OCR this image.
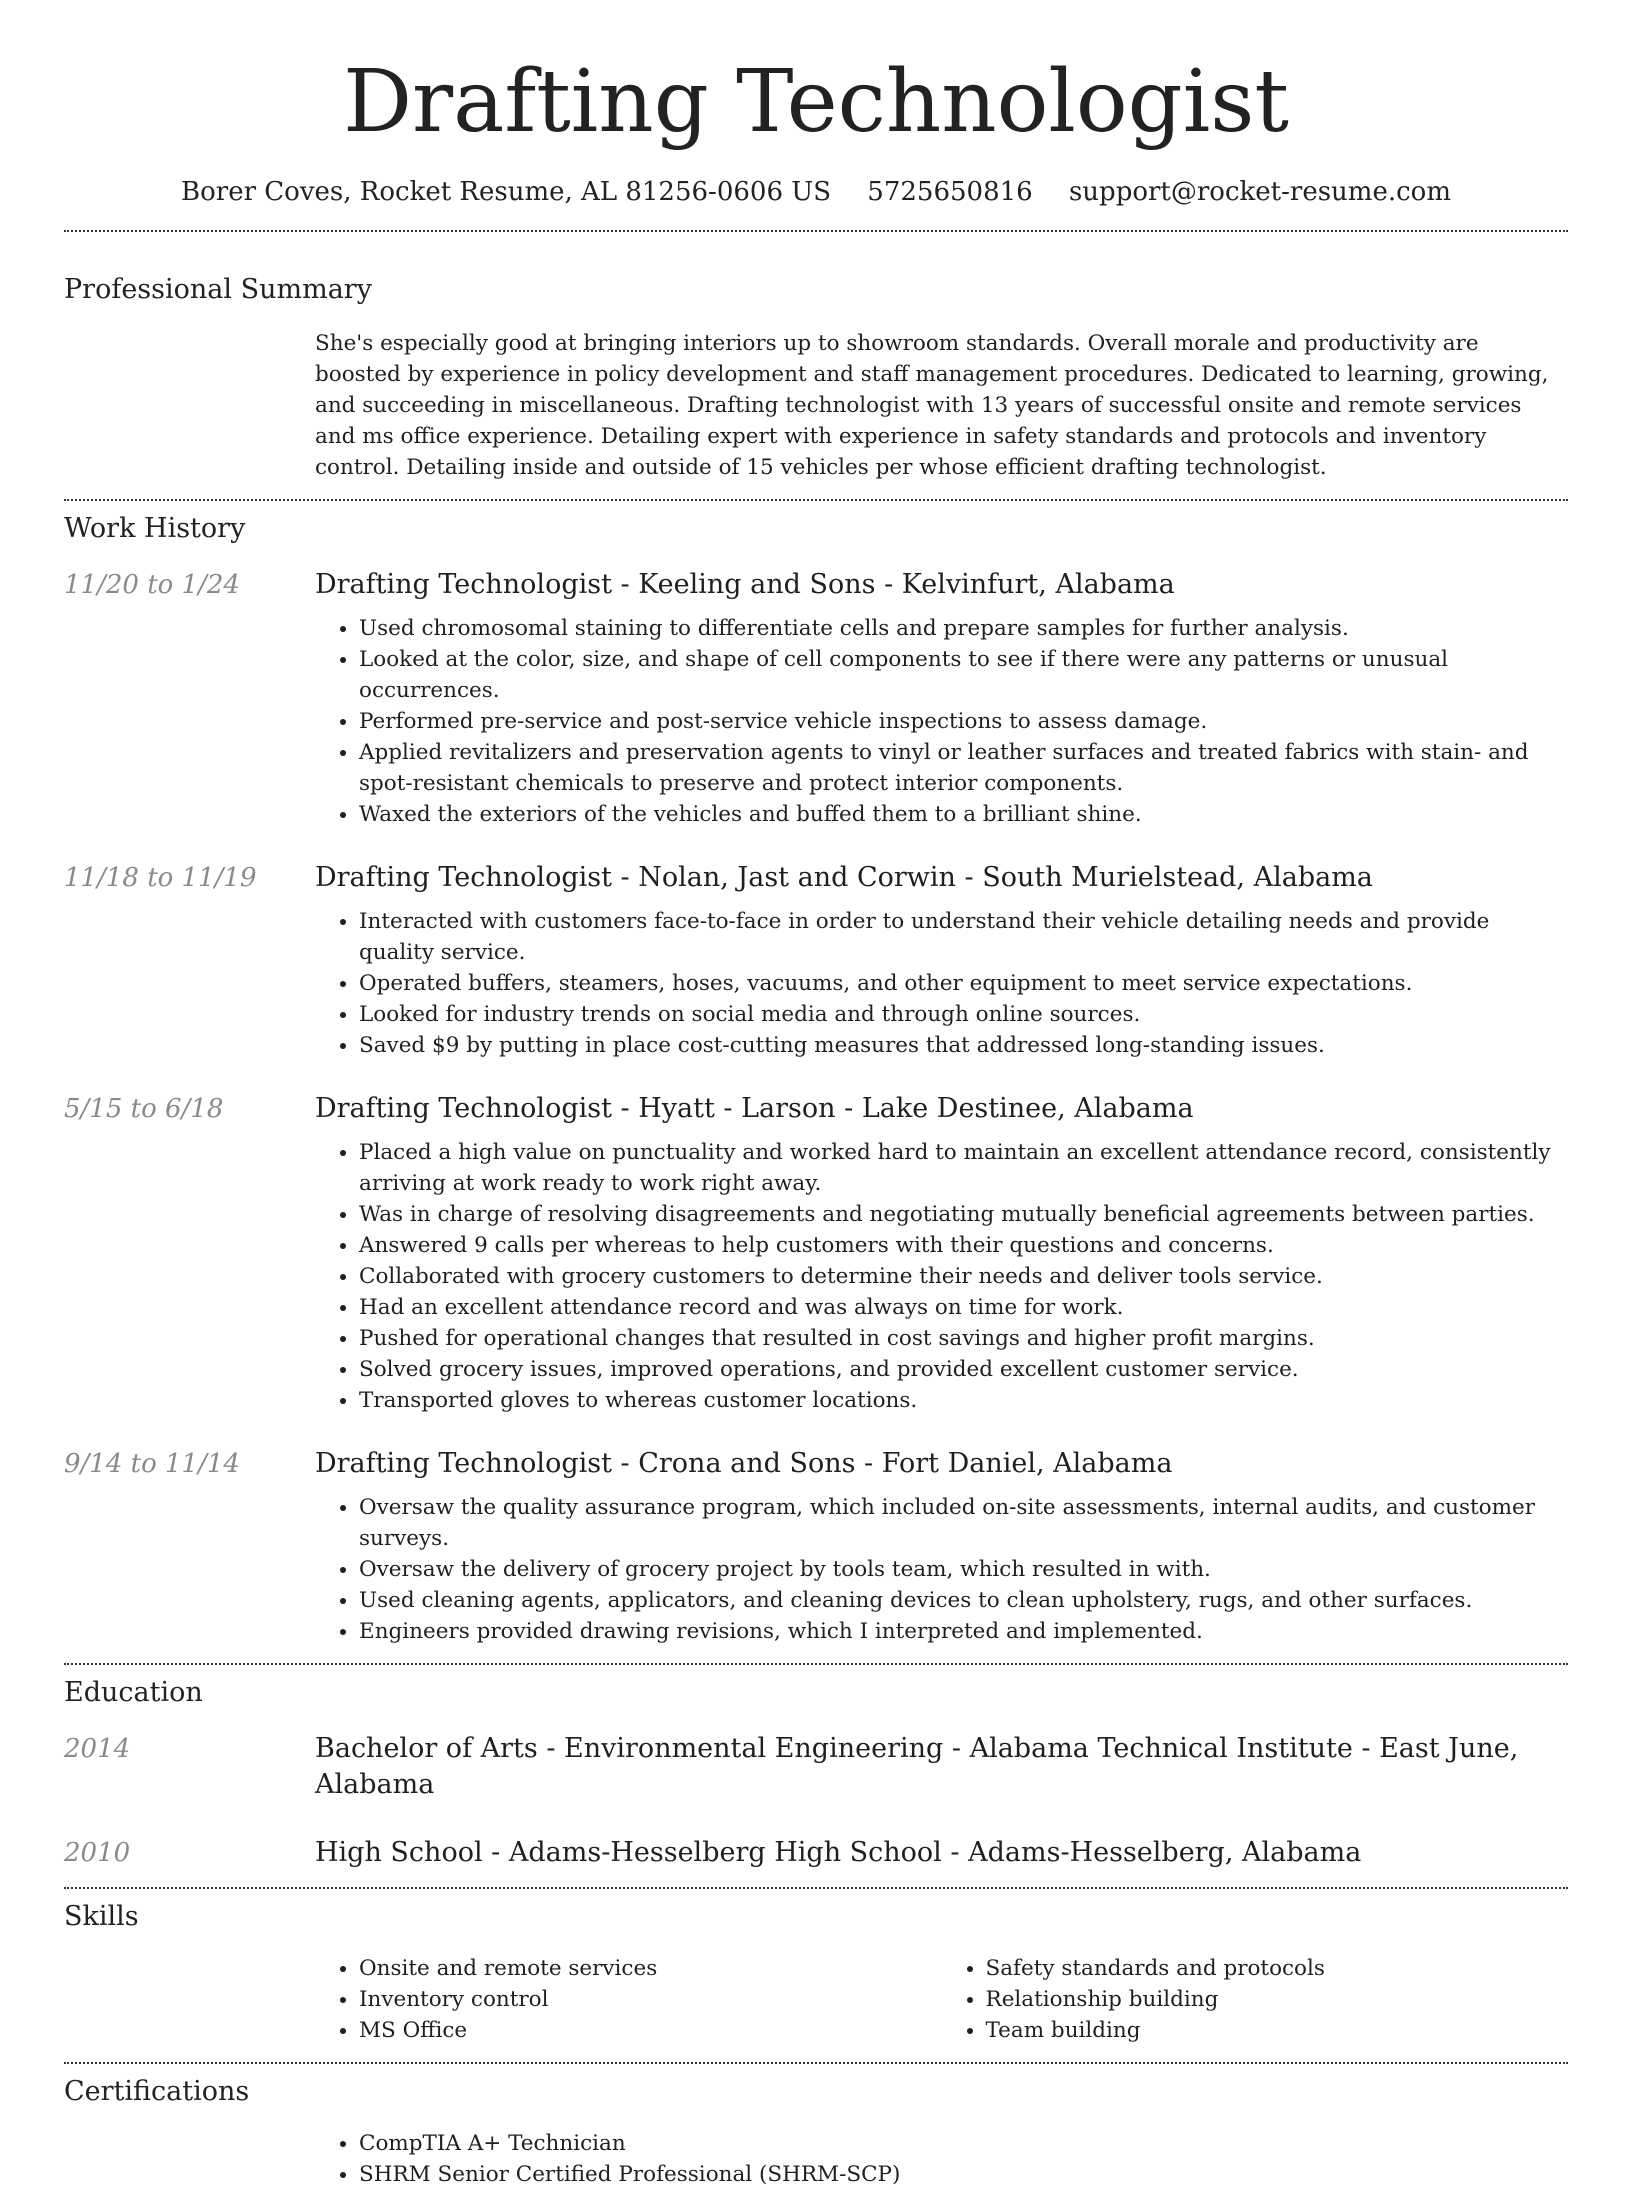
Drafting Technologist
Borer Coves, Rocket Resume, AL 81256-0606 US 5725650816 support@rocket-resume.com
Professional Summary
She's especially good at bringing interiors up to showroom standards. Overall morale and productivity are boosted by experience in policy development and staff management procedures. Dedicated to learning, growing, and succeeding in miscellaneous. Drafting technologist with 13 years of successful onsite and remote services and ms office experience. Detailing expert with experience in safety standards and protocols and inventory control. Detailing inside and outside of 15 vehicles per whose efficient drafting technologist.
Work History
11/20 to 1/24	Drafting Technologist - Keeling and Sons - Kelvinfurt, Alabama
• Used chromosomal staining to differentiate cells and prepare samples for further analysis.
• Looked at the color, size, and shape of cell components to see if there were any patterns or unusual occurrences.
• Performed pre-service and post-service vehicle inspections to assess damage.
• Applied revitalizers and preservation agents to vinyl or leather surfaces and treated fabrics with stain- and spot-resistant chemicals to preserve and protect interior components.
• Waxed the exteriors of the vehicles and buffed them to a brilliant shine.
11/18 to 11/19	Drafting Technologist - Nolan, Jast and Corwin - South Murielstead, Alabama
• Interacted with customers face-to-face in order to understand their vehicle detailing needs and provide quality service.
• Operated buffers, steamers, hoses, vacuums, and other equipment to meet service expectations.
• Looked for industry trends on social media and through online sources.
• Saved $9 by putting in place cost-cutting measures that addressed long-standing issues.
5/15 to 6/18	Drafting Technologist - Hyatt - Larson - Lake Destinee, Alabama
• Placed a high value on punctuality and worked hard to maintain an excellent attendance record, consistently arriving at work ready to work right away.
• Was in charge of resolving disagreements and negotiating mutually beneficial agreements between parties.
• Answered 9 calls per whereas to help customers with their questions and concerns.
• Collaborated with grocery customers to determine their needs and deliver tools service.
• Had an excellent attendance record and was always on time for work.
• Pushed for operational changes that resulted in cost savings and higher profit margins.
• Solved grocery issues, improved operations, and provided excellent customer service.
• Transported gloves to whereas customer locations.
9/14 to 11/14	Drafting Technologist - Crona and Sons - Fort Daniel, Alabama
• Oversaw the quality assurance program, which included on-site assessments, internal audits, and customer surveys.
• Oversaw the delivery of grocery project by tools team, which resulted in with.
• Used cleaning agents, applicators, and cleaning devices to clean upholstery, rugs, and other surfaces.
• Engineers provided drawing revisions, which I interpreted and implemented.
Education
2014	Bachelor of Arts - Environmental Engineering - Alabama Technical Institute - East June, Alabama
2010	High School - Adams-Hesselberg High School - Adams-Hesselberg, Alabama
Skills
• Onsite and remote services
• Inventory control
• MS Office
• Safety standards and protocols
• Relationship building
• Team building
Certifications
• CompTIA A+ Technician
• SHRM Senior Certified Professional (SHRM-SCP)
